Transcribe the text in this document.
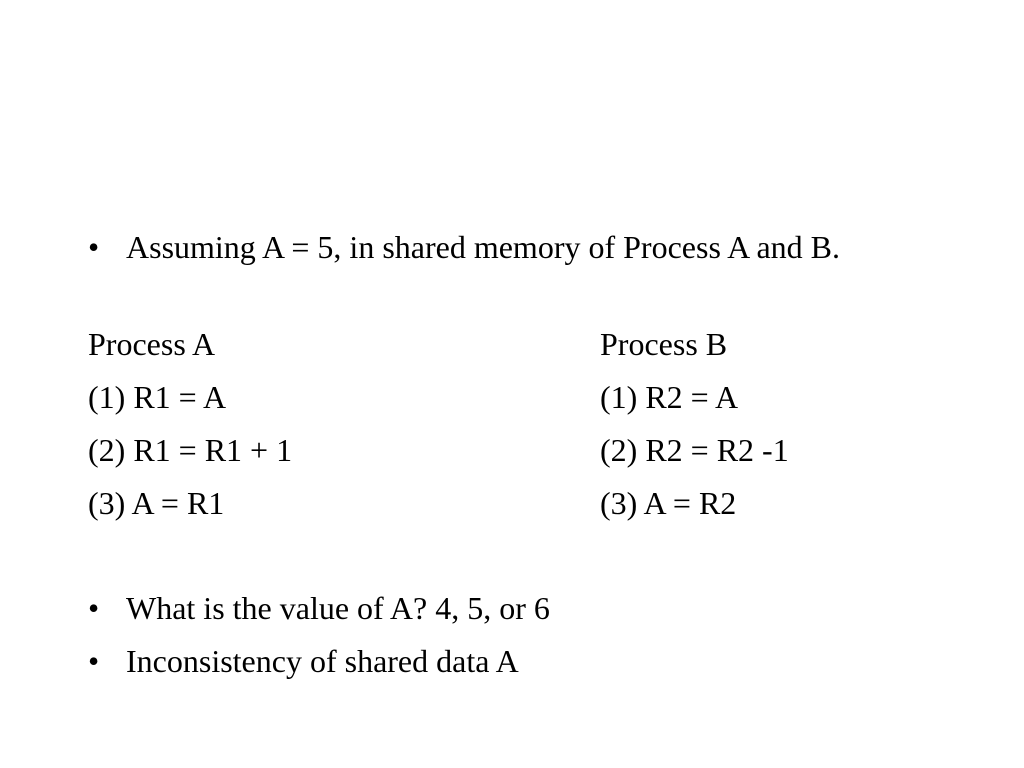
• Assuming A = 5, in shared memory of Process A and B.
Process A	Process B
(1) R1 = A	(1) R2 = A
(2) R1 = R1 + 1	(2) R2 = R2 -1
(3) A = R1	(3) A = R2
• What is the value of A? 4, 5, or 6
• Inconsistency of shared data A
